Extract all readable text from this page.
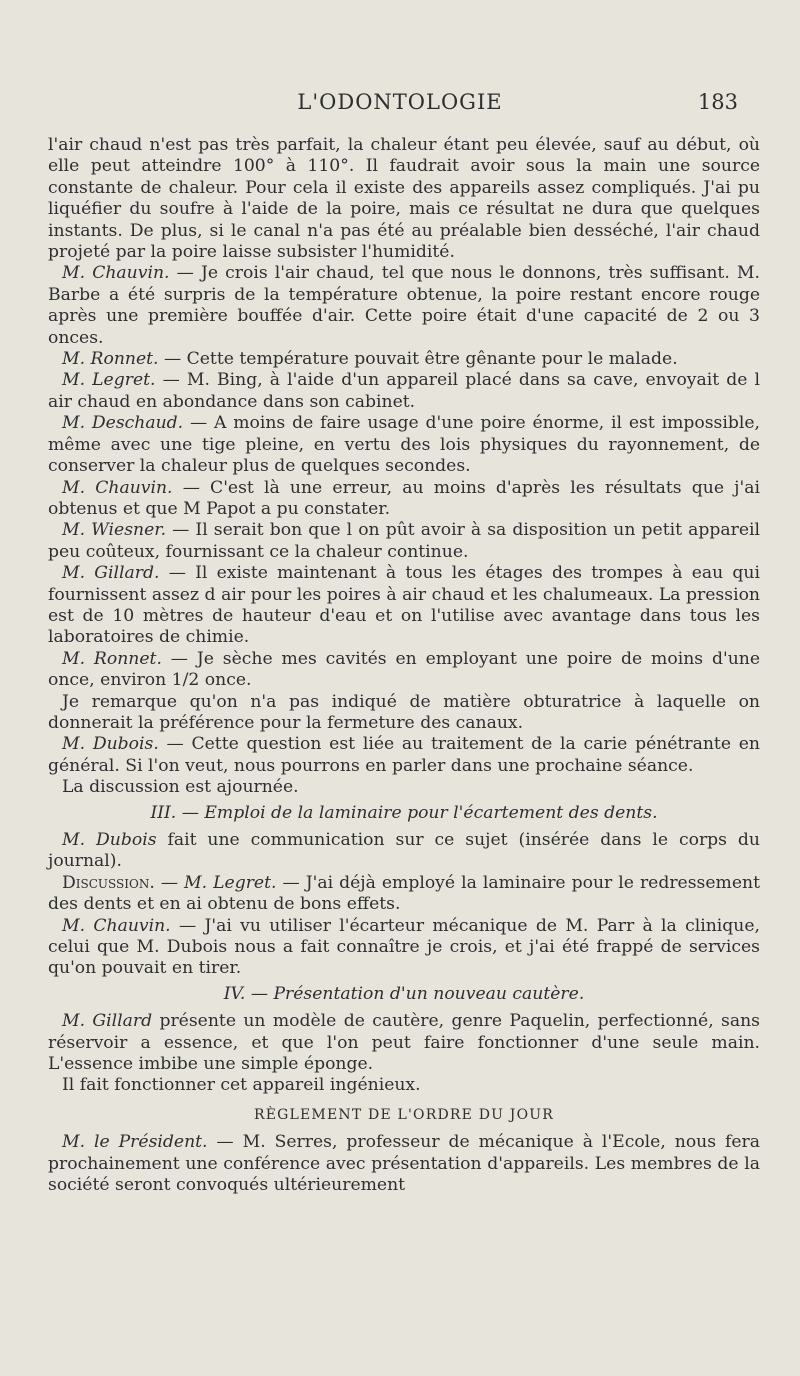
L'ODONTOLOGIE	183

l'air chaud n'est pas très parfait, la chaleur étant peu élevée, sauf au début, où elle peut atteindre 100° à 110°. Il faudrait avoir sous la main une source constante de chaleur. Pour cela il existe des appareils assez compliqués. J'ai pu liquéfier du soufre à l'aide de la poire, mais ce résultat ne dura que quelques instants. De plus, si le canal n'a pas été au préalable bien desséché, l'air chaud projeté par la poire laisse subsister l'humidité.

M. Chauvin. — Je crois l'air chaud, tel que nous le donnons, très suffisant. M. Barbe a été surpris de la température obtenue, la poire restant encore rouge après une première bouffée d'air. Cette poire était d'une capacité de 2 ou 3 onces.

M. Ronnet. — Cette température pouvait être gênante pour le malade.

M. Legret. — M. Bing, à l'aide d'un appareil placé dans sa cave, envoyait de l air chaud en abondance dans son cabinet.

M. Deschaud. — A moins de faire usage d'une poire énorme, il est impossible, même avec une tige pleine, en vertu des lois physiques du rayonnement, de conserver la chaleur plus de quelques secondes.

M. Chauvin. — C'est là une erreur, au moins d'après les résultats que j'ai obtenus et que M Papot a pu constater.

M. Wiesner. — Il serait bon que l on pût avoir à sa disposition un petit appareil peu coûteux, fournissant ce la chaleur continue.

M. Gillard. — Il existe maintenant à tous les étages des trompes à eau qui fournissent assez d air pour les poires à air chaud et les chalumeaux. La pression est de 10 mètres de hauteur d'eau et on l'utilise avec avantage dans tous les laboratoires de chimie.

M. Ronnet. — Je sèche mes cavités en employant une poire de moins d'une once, environ 1/2 once.

Je remarque qu'on n'a pas indiqué de matière obturatrice à laquelle on donnerait la préférence pour la fermeture des canaux.

M. Dubois. — Cette question est liée au traitement de la carie pénétrante en général. Si l'on veut, nous pourrons en parler dans une prochaine séance.

La discussion est ajournée.

III. — Emploi de la laminaire pour l'écartement des dents.

M. Dubois fait une communication sur ce sujet (insérée dans le corps du journal).

Discussion. — M. Legret. — J'ai déjà employé la laminaire pour le redressement des dents et en ai obtenu de bons effets.

M. Chauvin. — J'ai vu utiliser l'écarteur mécanique de M. Parr à la clinique, celui que M. Dubois nous a fait connaître je crois, et j'ai été frappé de services qu'on pouvait en tirer.

IV. — Présentation d'un nouveau cautère.

M. Gillard présente un modèle de cautère, genre Paquelin, perfectionné, sans réservoir a essence, et que l'on peut faire fonctionner d'une seule main. L'essence imbibe une simple éponge.

Il fait fonctionner cet appareil ingénieux.

RÈGLEMENT DE L'ORDRE DU JOUR

M. le Président. — M. Serres, professeur de mécanique à l'Ecole, nous fera prochainement une conférence avec présentation d'appareils. Les membres de la société seront convoqués ultérieurement
